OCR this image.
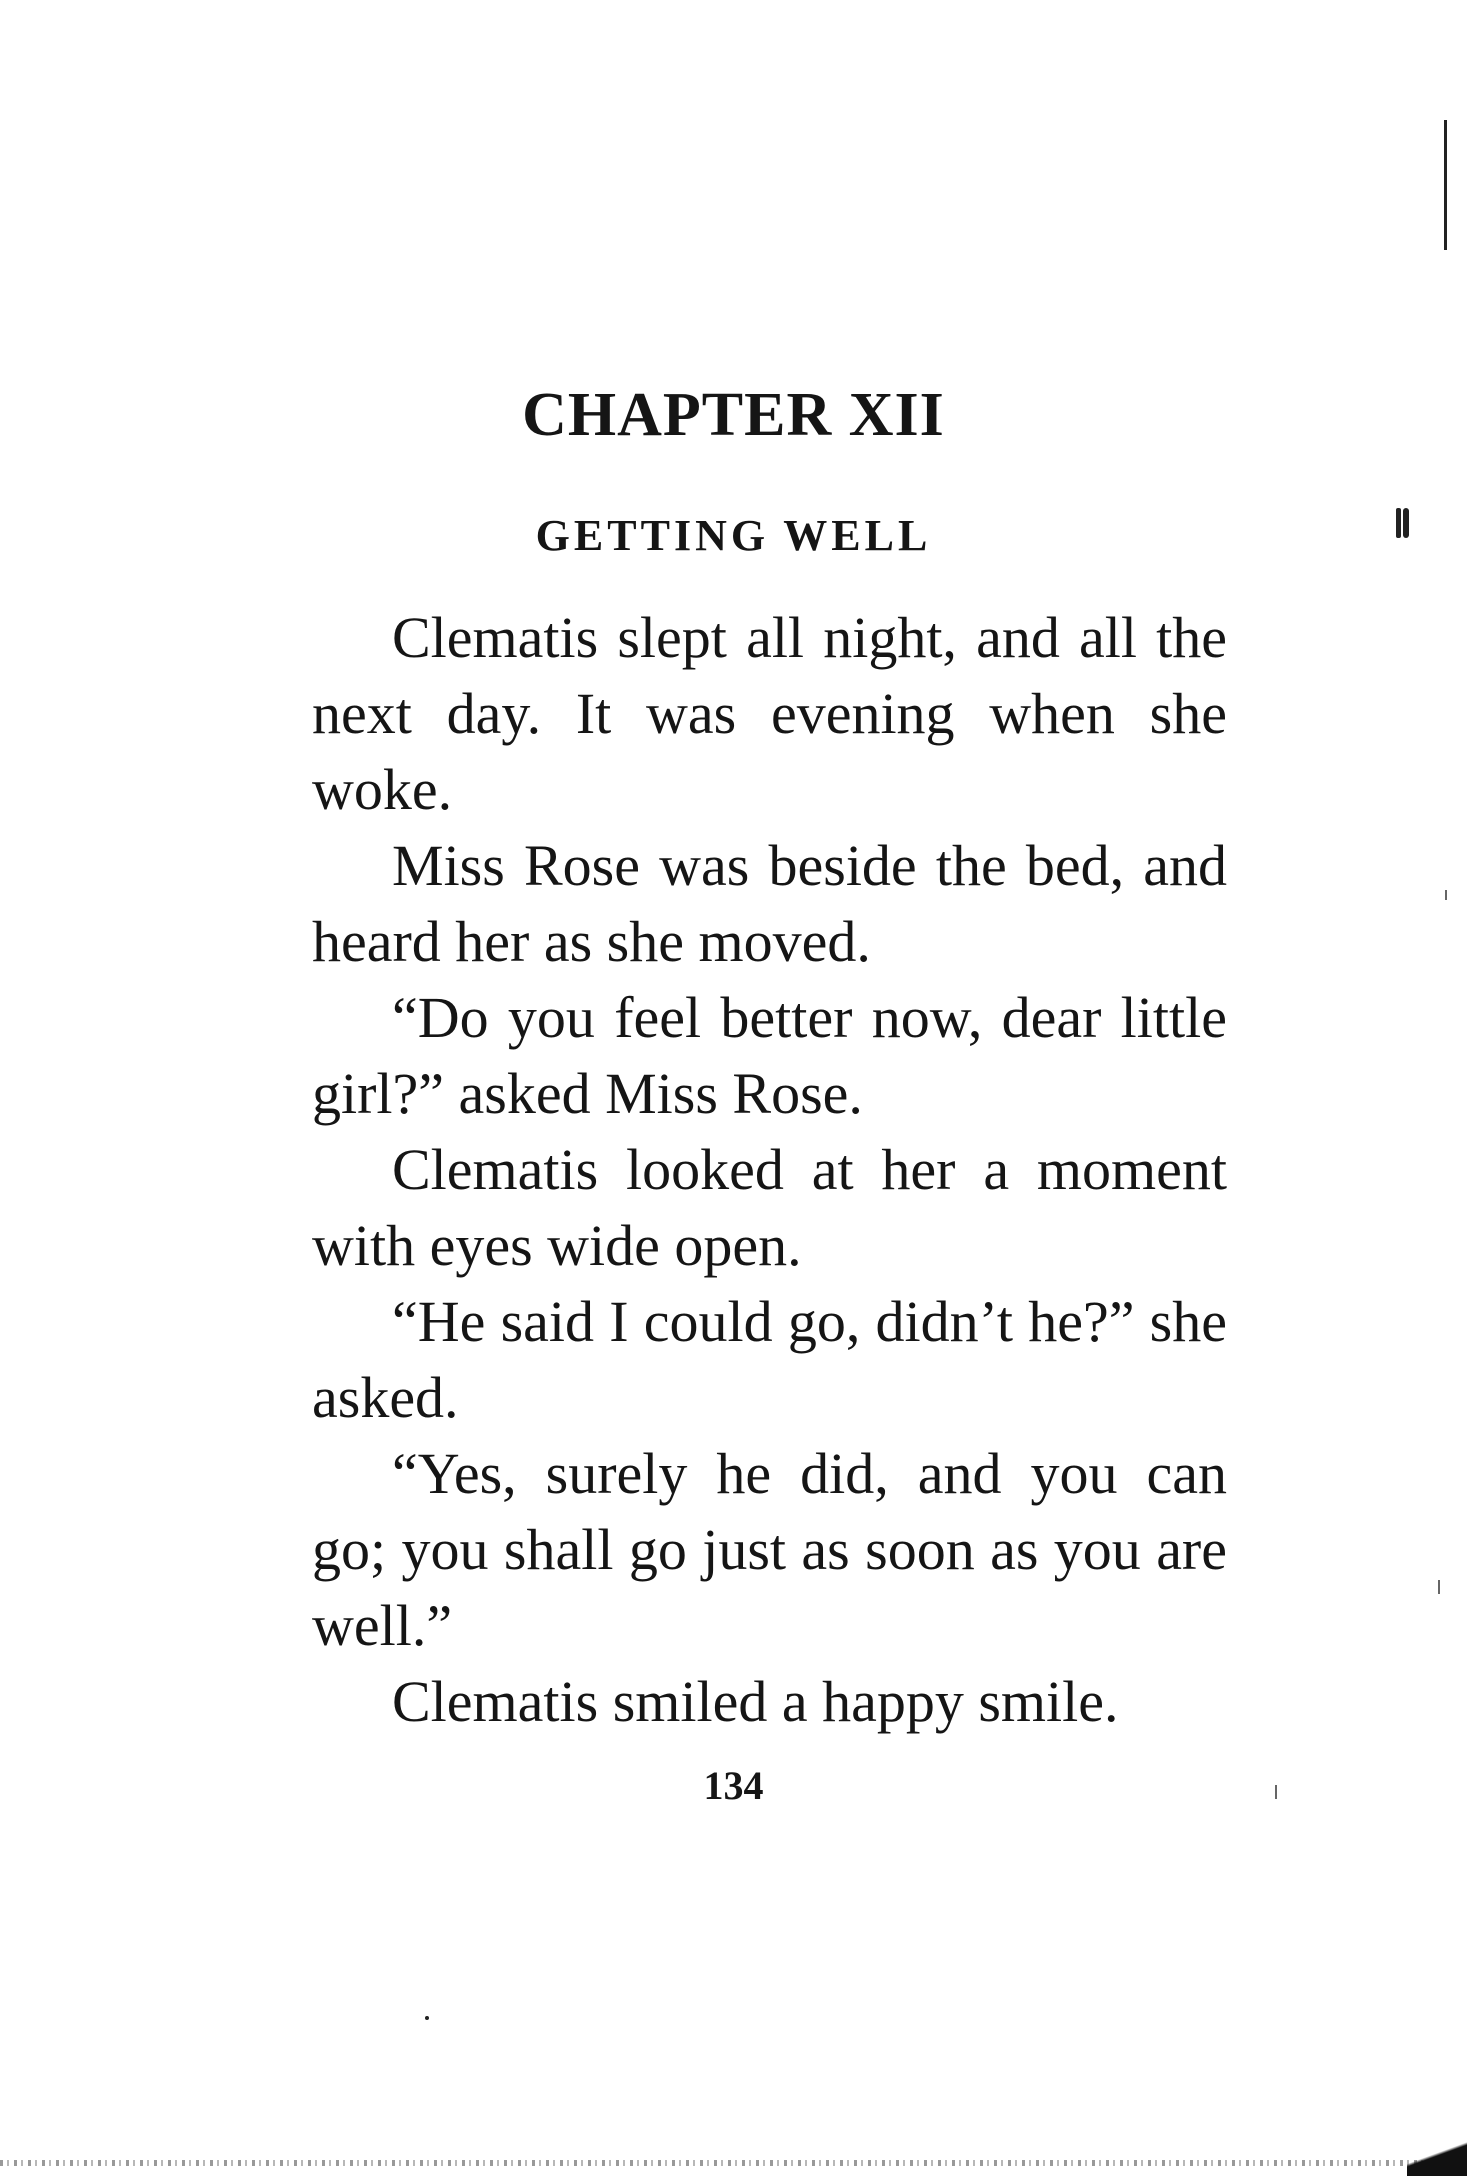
CHAPTER XII
GETTING WELL

Clematis slept all night, and all the next day. It was evening when she woke.

Miss Rose was beside the bed, and heard her as she moved.

“Do you feel better now, dear little girl?” asked Miss Rose.

Clematis looked at her a moment with eyes wide open.

“He said I could go, didn’t he?” she asked.

“Yes, surely he did, and you can go; you shall go just as soon as you are well.”

Clematis smiled a happy smile.

134
